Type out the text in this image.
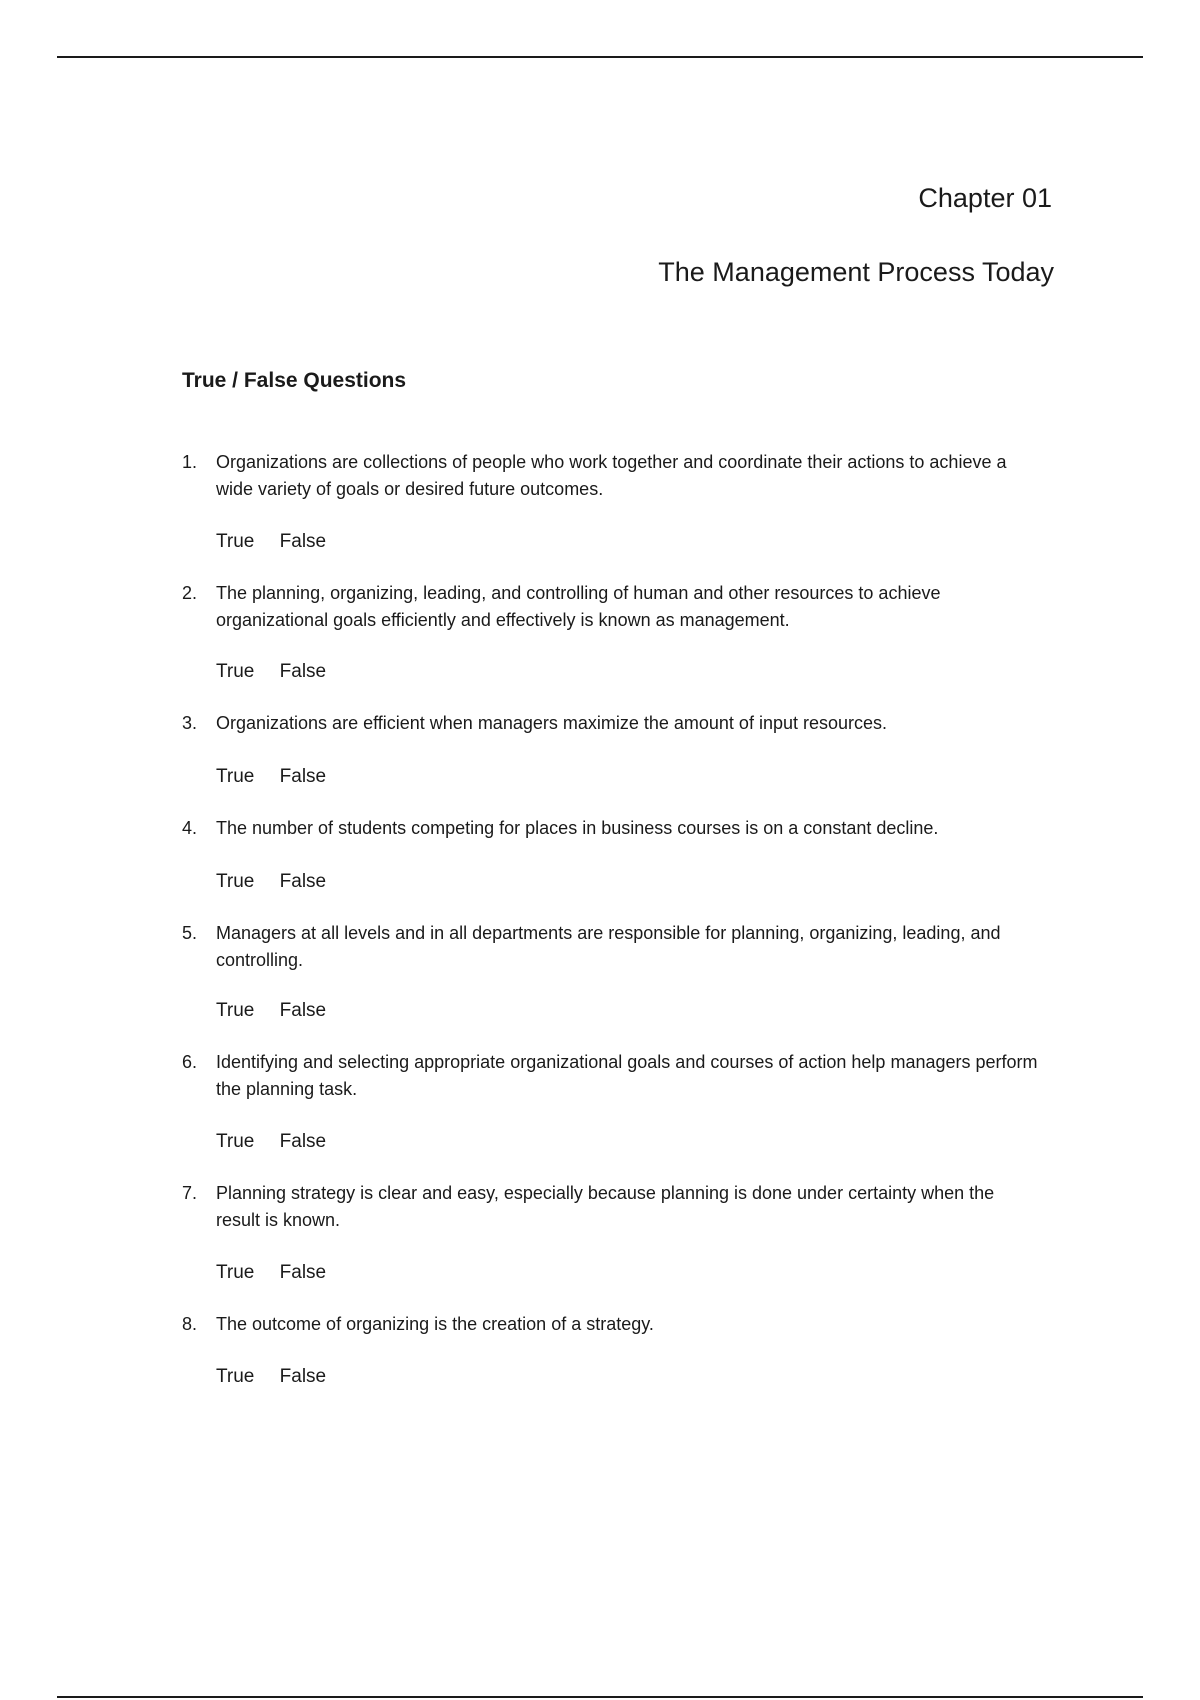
Chapter 01
The Management Process Today
True / False Questions
1. Organizations are collections of people who work together and coordinate their actions to achieve a wide variety of goals or desired future outcomes.
True False
2. The planning, organizing, leading, and controlling of human and other resources to achieve organizational goals efficiently and effectively is known as management.
True False
3. Organizations are efficient when managers maximize the amount of input resources.
True False
4. The number of students competing for places in business courses is on a constant decline.
True False
5. Managers at all levels and in all departments are responsible for planning, organizing, leading, and controlling.
True False
6. Identifying and selecting appropriate organizational goals and courses of action help managers perform the planning task.
True False
7. Planning strategy is clear and easy, especially because planning is done under certainty when the result is known.
True False
8. The outcome of organizing is the creation of a strategy.
True False
